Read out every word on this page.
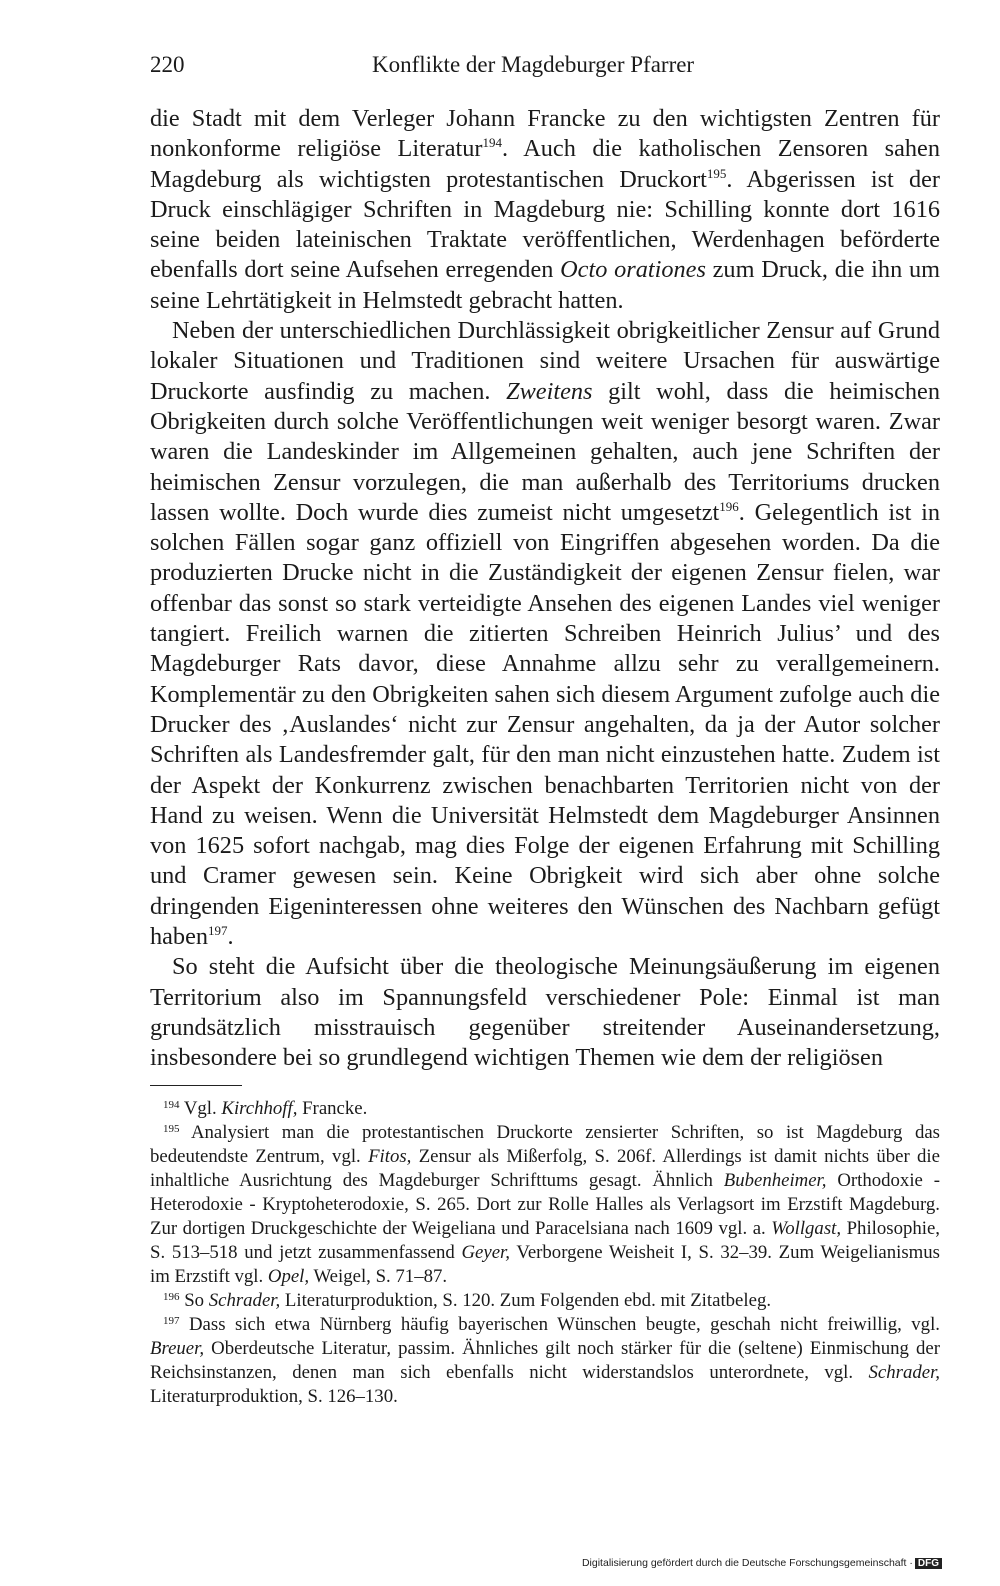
220	Konflikte der Magdeburger Pfarrer

die Stadt mit dem Verleger Johann Francke zu den wichtigsten Zentren für nonkonforme religiöse Literatur$^{194}$. Auch die katholischen Zensoren sahen Magdeburg als wichtigsten protestantischen Druckort$^{195}$. Abgerissen ist der Druck einschlägiger Schriften in Magdeburg nie: Schilling konnte dort 1616 seine beiden lateinischen Traktate veröffentlichen, Werdenhagen beförderte ebenfalls dort seine Aufsehen erregenden Octo orationes zum Druck, die ihn um seine Lehrtätigkeit in Helmstedt gebracht hatten.

Neben der unterschiedlichen Durchlässigkeit obrigkeitlicher Zensur auf Grund lokaler Situationen und Traditionen sind weitere Ursachen für auswärtige Druckorte ausfindig zu machen. Zweitens gilt wohl, dass die heimischen Obrigkeiten durch solche Veröffentlichungen weit weniger besorgt waren. Zwar waren die Landeskinder im Allgemeinen gehalten, auch jene Schriften der heimischen Zensur vorzulegen, die man außerhalb des Territoriums drucken lassen wollte. Doch wurde dies zumeist nicht umgesetzt$^{196}$. Gelegentlich ist in solchen Fällen sogar ganz offiziell von Eingriffen abgesehen worden. Da die produzierten Drucke nicht in die Zuständigkeit der eigenen Zensur fielen, war offenbar das sonst so stark verteidigte Ansehen des eigenen Landes viel weniger tangiert. Freilich warnen die zitierten Schreiben Heinrich Julius’ und des Magdeburger Rats davor, diese Annahme allzu sehr zu verallgemeinern. Komplementär zu den Obrigkeiten sahen sich diesem Argument zufolge auch die Drucker des ‚Auslandes‘ nicht zur Zensur angehalten, da ja der Autor solcher Schriften als Landesfremder galt, für den man nicht einzustehen hatte. Zudem ist der Aspekt der Konkurrenz zwischen benachbarten Territorien nicht von der Hand zu weisen. Wenn die Universität Helmstedt dem Magdeburger Ansinnen von 1625 sofort nachgab, mag dies Folge der eigenen Erfahrung mit Schilling und Cramer gewesen sein. Keine Obrigkeit wird sich aber ohne solche dringenden Eigeninteressen ohne weiteres den Wünschen des Nachbarn gefügt haben$^{197}$.

So steht die Aufsicht über die theologische Meinungsäußerung im eigenen Territorium also im Spannungsfeld verschiedener Pole: Einmal ist man grundsätzlich misstrauisch gegenüber streitender Auseinandersetzung, insbesondere bei so grundlegend wichtigen Themen wie dem der religiösen

$^{194}$ Vgl. Kirchhoff, Francke.

$^{195}$ Analysiert man die protestantischen Druckorte zensierter Schriften, so ist Magdeburg das bedeutendste Zentrum, vgl. Fitos, Zensur als Mißerfolg, S. 206f. Allerdings ist damit nichts über die inhaltliche Ausrichtung des Magdeburger Schrifttums gesagt. Ähnlich Bubenheimer, Orthodoxie - Heterodoxie - Kryptoheterodoxie, S. 265. Dort zur Rolle Halles als Verlagsort im Erzstift Magdeburg. Zur dortigen Druckgeschichte der Weigeliana und Paracelsiana nach 1609 vgl. a. Wollgast, Philosophie, S. 513–518 und jetzt zusammenfassend Geyer, Verborgene Weisheit I, S. 32–39. Zum Weigelianismus im Erzstift vgl. Opel, Weigel, S. 71–87.

$^{196}$ So Schrader, Literaturproduktion, S. 120. Zum Folgenden ebd. mit Zitatbeleg.

$^{197}$ Dass sich etwa Nürnberg häufig bayerischen Wünschen beugte, geschah nicht freiwillig, vgl. Breuer, Oberdeutsche Literatur, passim. Ähnliches gilt noch stärker für die (seltene) Einmischung der Reichsinstanzen, denen man sich ebenfalls nicht widerstandslos unterordnete, vgl. Schrader, Literaturproduktion, S. 126–130.

Digitalisierung gefördert durch die Deutsche Forschungsgemeinschaft · DFG
